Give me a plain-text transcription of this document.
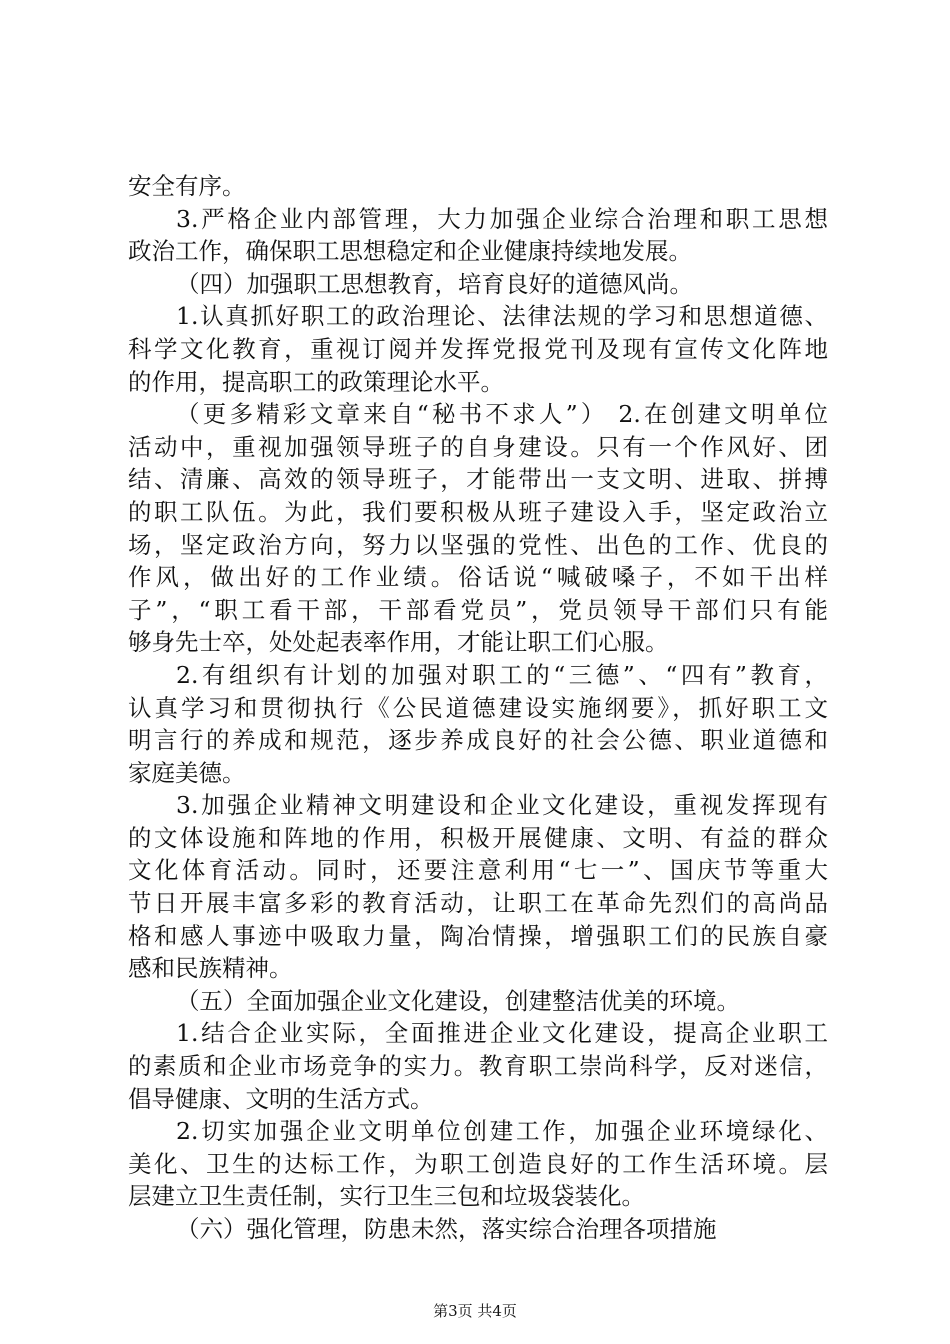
安全有序。
3.严格企业内部管理，大力加强企业综合治理和职工思想
政治工作，确保职工思想稳定和企业健康持续地发展。
（四）加强职工思想教育，培育良好的道德风尚。
1.认真抓好职工的政治理论、法律法规的学习和思想道德、
科学文化教育，重视订阅并发挥党报党刊及现有宣传文化阵地
的作用，提高职工的政策理论水平。
（更多精彩文章来自“秘书不求人”） 2.在创建文明单位
活动中，重视加强领导班子的自身建设。只有一个作风好、团
结、清廉、高效的领导班子，才能带出一支文明、进取、拼搏
的职工队伍。为此，我们要积极从班子建设入手，坚定政治立
场，坚定政治方向，努力以坚强的党性、出色的工作、优良的
作风，做出好的工作业绩。俗话说“喊破嗓子，不如干出样
子”，“职工看干部，干部看党员”，党员领导干部们只有能
够身先士卒，处处起表率作用，才能让职工们心服。
2.有组织有计划的加强对职工的“三德”、“四有”教育，
认真学习和贯彻执行《公民道德建设实施纲要》，抓好职工文
明言行的养成和规范，逐步养成良好的社会公德、职业道德和
家庭美德。
3.加强企业精神文明建设和企业文化建设，重视发挥现有
的文体设施和阵地的作用，积极开展健康、文明、有益的群众
文化体育活动。同时，还要注意利用“七一”、国庆节等重大
节日开展丰富多彩的教育活动，让职工在革命先烈们的高尚品
格和感人事迹中吸取力量，陶冶情操，增强职工们的民族自豪
感和民族精神。
（五）全面加强企业文化建设，创建整洁优美的环境。
1.结合企业实际，全面推进企业文化建设，提高企业职工
的素质和企业市场竞争的实力。教育职工崇尚科学，反对迷信，
倡导健康、文明的生活方式。
2.切实加强企业文明单位创建工作，加强企业环境绿化、
美化、卫生的达标工作，为职工创造良好的工作生活环境。层
层建立卫生责任制，实行卫生三包和垃圾袋装化。
（六）强化管理，防患未然，落实综合治理各项措施
第3页 共4页
